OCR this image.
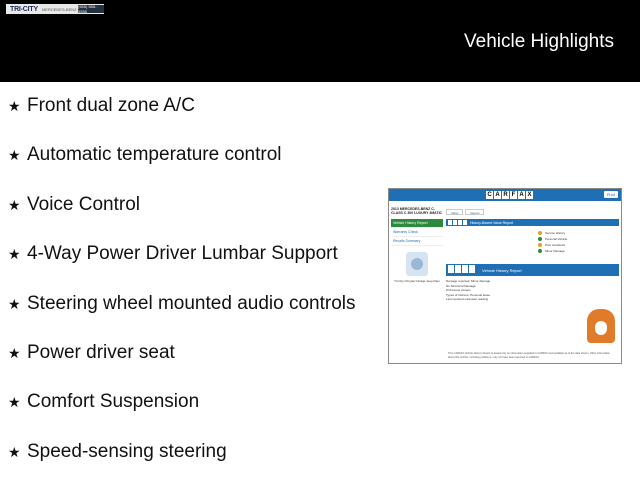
TRI-CITY MERCEDES-BENZ (555) 555-5555
Vehicle Highlights
★ Front dual zone A/C
★ Automatic temperature control
★ Voice Control
★ 4-Way Power Driver Lumbar Support
★ Steering wheel mounted audio controls
★ Power driver seat
★ Comfort Suspension
★ Speed-sensing steering
C A R F A X	Print
2013 MERCEDES-BENZ C-CLASS C 300 LUXURY 4MATIC
Vehicle History Report
Warranty Check
Recalls Summary
Tri-City Chrysler Dodge Jeep Ram
Value	Report
History-Based Value Report
Service History
Personal Vehicle
Prior Accidents
Minor Damage
Vehicle History Report
Damage reported: Minor damage
No Structural Damage
8 Previous owners
Types of Owners: Personal lease
Last reported odometer reading
This CARFAX Vehicle History Report is based only on information supplied to CARFAX and available as of the date shown. Other information about this vehicle, including problems, may not have been reported to CARFAX.
